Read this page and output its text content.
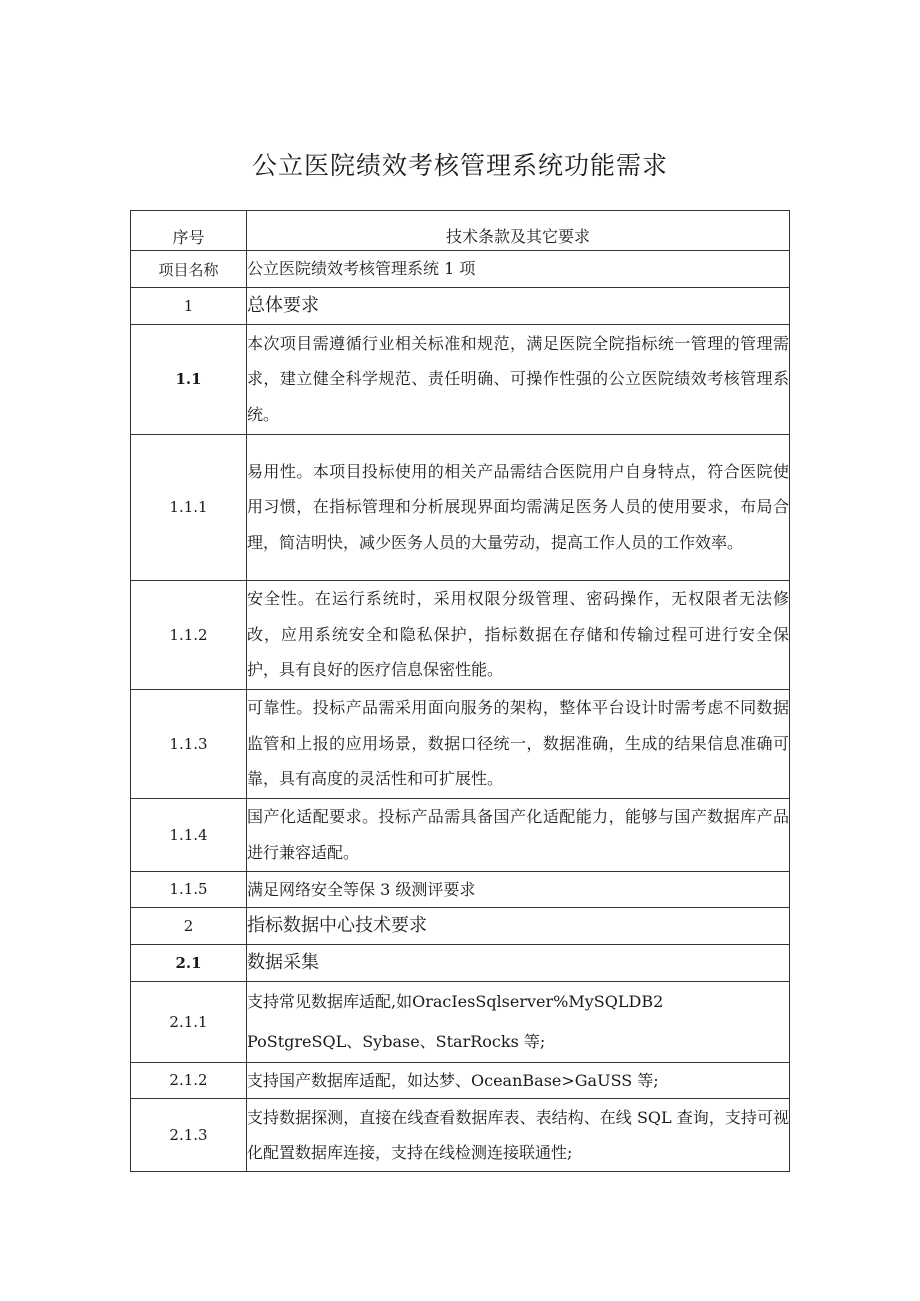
公立医院绩效考核管理系统功能需求
序号	技术条款及其它要求
项目名称	公立医院绩效考核管理系统 1 项
1	总体要求
1.1	本次项目需遵循行业相关标准和规范，满足医院全院指标统一管理的管理需求，建立健全科学规范、责任明确、可操作性强的公立医院绩效考核管理系统。
1.1.1	易用性。本项目投标使用的相关产品需结合医院用户自身特点，符合医院使用习惯，在指标管理和分析展现界面均需满足医务人员的使用要求，布局合理，简洁明快，减少医务人员的大量劳动，提高工作人员的工作效率。
1.1.2	安全性。在运行系统时，采用权限分级管理、密码操作，无权限者无法修改，应用系统安全和隐私保护，指标数据在存储和传输过程可进行安全保护，具有良好的医疗信息保密性能。
1.1.3	可靠性。投标产品需采用面向服务的架构，整体平台设计时需考虑不同数据监管和上报的应用场景，数据口径统一，数据准确，生成的结果信息准确可靠，具有高度的灵活性和可扩展性。
1.1.4	国产化适配要求。投标产品需具备国产化适配能力，能够与国产数据库产品进行兼容适配。
1.1.5	满足网络安全等保 3 级测评要求
2	指标数据中心技术要求
2.1	数据采集
2.1.1	支持常见数据库适配,如OracIesSqlserver%MySQLDB2
PoStgreSQL、Sybase、StarRocks 等;

2.1.2	支持国产数据库适配，如达梦、OceanBase>GaUSS 等;
2.1.3	支持数据探测，直接在线查看数据库表、表结构、在线 SQL 查询，支持可视化配置数据库连接，支持在线检测连接联通性;
